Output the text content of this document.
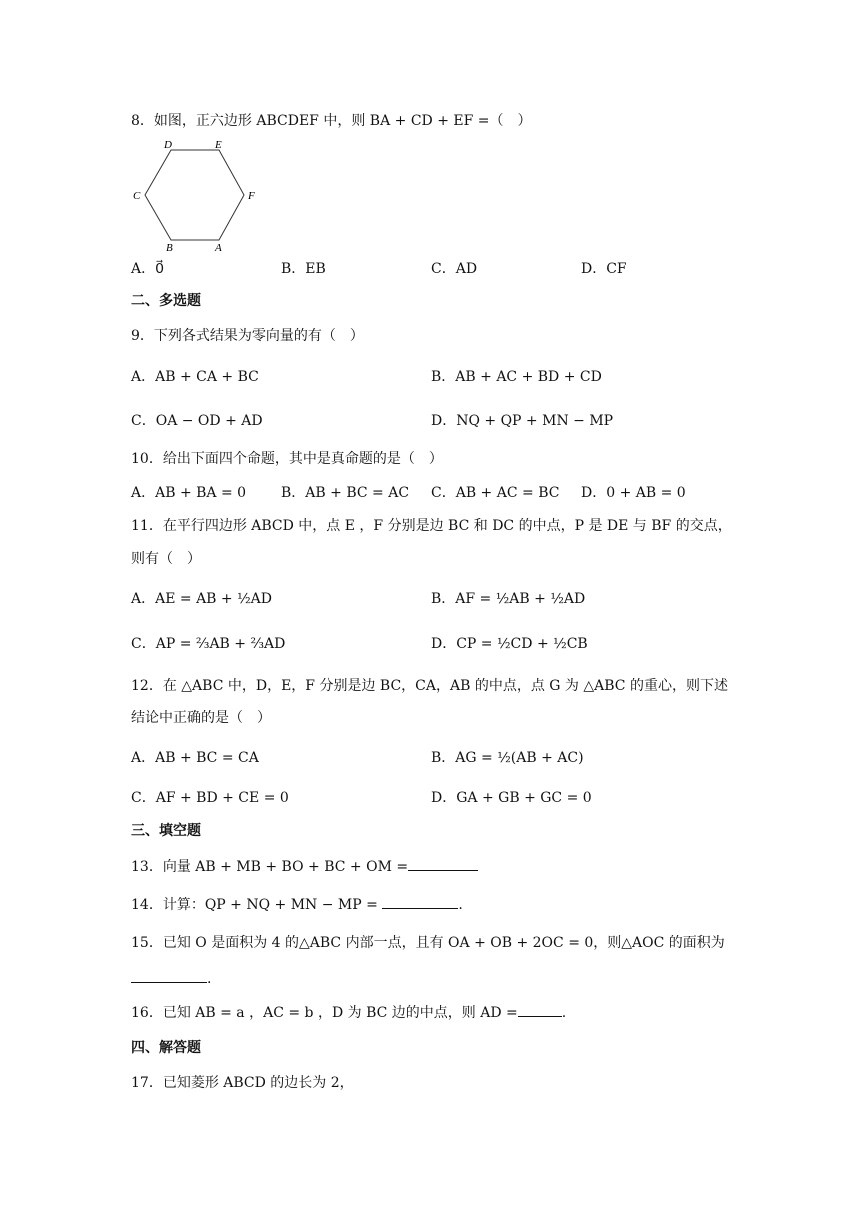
8．如图，正六边形 ABCDEF 中，则 BA + CD + EF =（　）
D	E
C	F
B	A
A．0⃗	B．EB	C．AD	D．CF
二、多选题
9．下列各式结果为零向量的有（　）
A．AB + CA + BC	B．AB + AC + BD + CD
C．OA − OD + AD	D．NQ + QP + MN − MP
10．给出下面四个命题，其中是真命题的是（　）
A．AB + BA = 0 B．AB + BC = AC C．AB + AC = BC D．0 + AB = 0
11．在平行四边形 ABCD 中，点 E ，F 分别是边 BC 和 DC 的中点，P 是 DE 与 BF 的交点，
则有（　）
A．AE = AB + ½AD	B．AF = ½AB + ½AD
C．AP = ⅔AB + ⅔AD	D．CP = ½CD + ½CB
12．在 △ABC 中，D，E，F 分别是边 BC，CA，AB 的中点，点 G 为 △ABC 的重心，则下述
结论中正确的是（　）
A．AB + BC = CA	B．AG = ½(AB + AC)
C．AF + BD + CE = 0	D．GA + GB + GC = 0
三、填空题
13．向量 AB + MB + BO + BC + OM =
14．计算：QP + NQ + MN − MP =	.
15．已知 O 是面积为 4 的△ABC 内部一点，且有 OA + OB + 2OC = 0，则△AOC 的面积为
.
16．已知 AB = a ，AC = b ，D 为 BC 边的中点，则 AD =	.
四、解答题
17．已知菱形 ABCD 的边长为 2，
